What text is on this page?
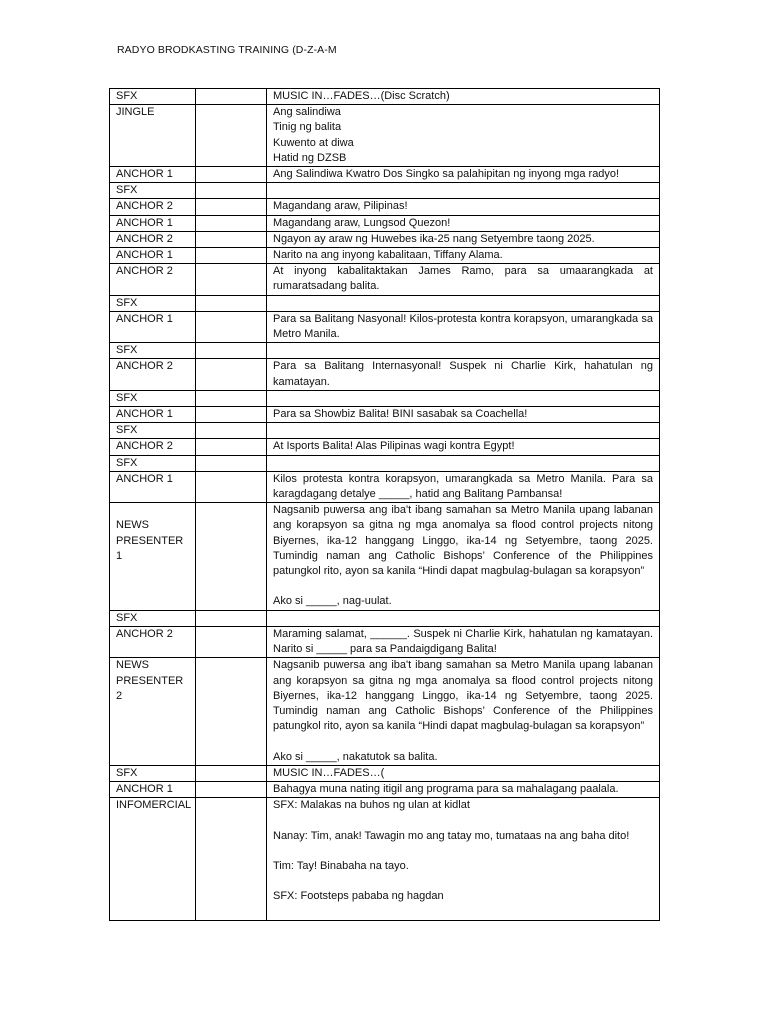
RADYO BRODKASTING TRAINING (D-Z-A-M
SFX		MUSIC IN…FADES…(Disc Scratch)

JINGLE		Ang salindiwa
Tinig ng balita
Kuwento at diwa
Hatid ng DZSB

ANCHOR 1		Ang Salindiwa Kwatro Dos Singko sa palahipitan ng inyong mga radyo!

SFX		

ANCHOR 2		Magandang araw, Pilipinas!

ANCHOR 1		Magandang araw, Lungsod Quezon!

ANCHOR 2		Ngayon ay araw ng Huwebes ika-25 nang Setyembre taong 2025.

ANCHOR 1		Narito na ang inyong kabalitaan, Tiffany Alama.

ANCHOR 2		At inyong kabalitaktakan James Ramo, para sa umaarangkada at rumaratsadang balita.

SFX		

ANCHOR 1		Para sa Balitang Nasyonal! Kilos-protesta kontra korapsyon, umarangkada sa Metro Manila.

SFX		

ANCHOR 2		Para sa Balitang Internasyonal! Suspek ni Charlie Kirk, hahatulan ng kamatayan.

SFX		

ANCHOR 1		Para sa Showbiz Balita! BINI sasabak sa Coachella!

SFX		

ANCHOR 2		At Isports Balita! Alas Pilipinas wagi kontra Egypt!

SFX		

ANCHOR 1		Kilos protesta kontra korapsyon, umarangkada sa Metro Manila. Para sa karagdagang detalye _____, hatid ang Balitang Pambansa!

NEWS PRESENTER 1		Nagsanib puwersa ang iba't ibang samahan sa Metro Manila upang labanan ang korapsyon sa gitna ng mga anomalya sa flood control projects nitong Biyernes, ika-12 hanggang Linggo, ika-14 ng Setyembre, taong 2025. Tumindig naman ang Catholic Bishops’ Conference of the Philippines patungkol rito, ayon sa kanila “Hindi dapat magbulag-bulagan sa korapsyon”
Ako si _____, nag-uulat.

SFX		

ANCHOR 2		Maraming salamat, ______. Suspek ni Charlie Kirk, hahatulan ng kamatayan. Narito si _____ para sa Pandaigdigang Balita!

NEWS PRESENTER 2		Nagsanib puwersa ang iba't ibang samahan sa Metro Manila upang labanan ang korapsyon sa gitna ng mga anomalya sa flood control projects nitong Biyernes, ika-12 hanggang Linggo, ika-14 ng Setyembre, taong 2025. Tumindig naman ang Catholic Bishops’ Conference of the Philippines patungkol rito, ayon sa kanila “Hindi dapat magbulag-bulagan sa korapsyon”
Ako si _____, nakatutok sa balita.

SFX		MUSIC IN…FADES…(

ANCHOR 1		Bahagya muna nating itigil ang programa para sa mahalagang paalala.

INFOMERCIAL		SFX: Malakas na buhos ng ulan at kidlat
Nanay: Tim, anak! Tawagin mo ang tatay mo, tumataas na ang baha dito!
Tim: Tay! Binabaha na tayo.
SFX: Footsteps pababa ng hagdan
